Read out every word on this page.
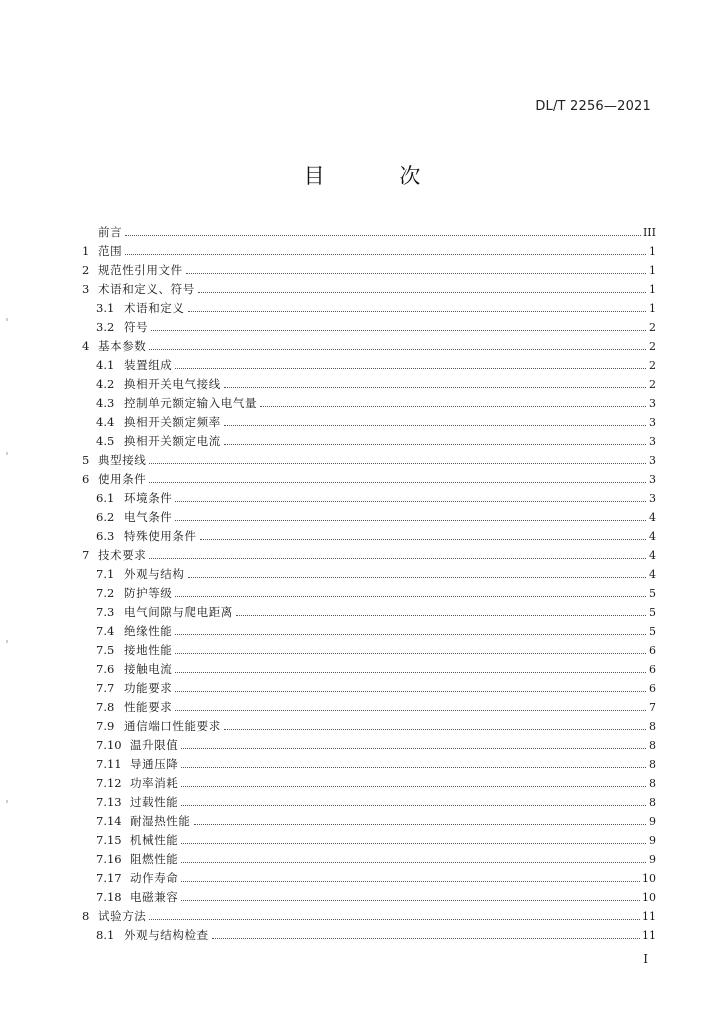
DL/T 2256—2021
目 次
前言	III
1 范围	1
2 规范性引用文件	1
3 术语和定义、符号	1
3.1 术语和定义	1
3.2 符号	2
4 基本参数	2
4.1 装置组成	2
4.2 换相开关电气接线	2
4.3 控制单元额定输入电气量	3
4.4 换相开关额定频率	3
4.5 换相开关额定电流	3
5 典型接线	3
6 使用条件	3
6.1 环境条件	3
6.2 电气条件	4
6.3 特殊使用条件	4
7 技术要求	4
7.1 外观与结构	4
7.2 防护等级	5
7.3 电气间隙与爬电距离	5
7.4 绝缘性能	5
7.5 接地性能	6
7.6 接触电流	6
7.7 功能要求	6
7.8 性能要求	7
7.9 通信端口性能要求	8
7.10 温升限值	8
7.11 导通压降	8
7.12 功率消耗	8
7.13 过载性能	8
7.14 耐湿热性能	9
7.15 机械性能	9
7.16 阻燃性能	9
7.17 动作寿命	10
7.18 电磁兼容	10
8 试验方法	11
8.1 外观与结构检查	11
I
